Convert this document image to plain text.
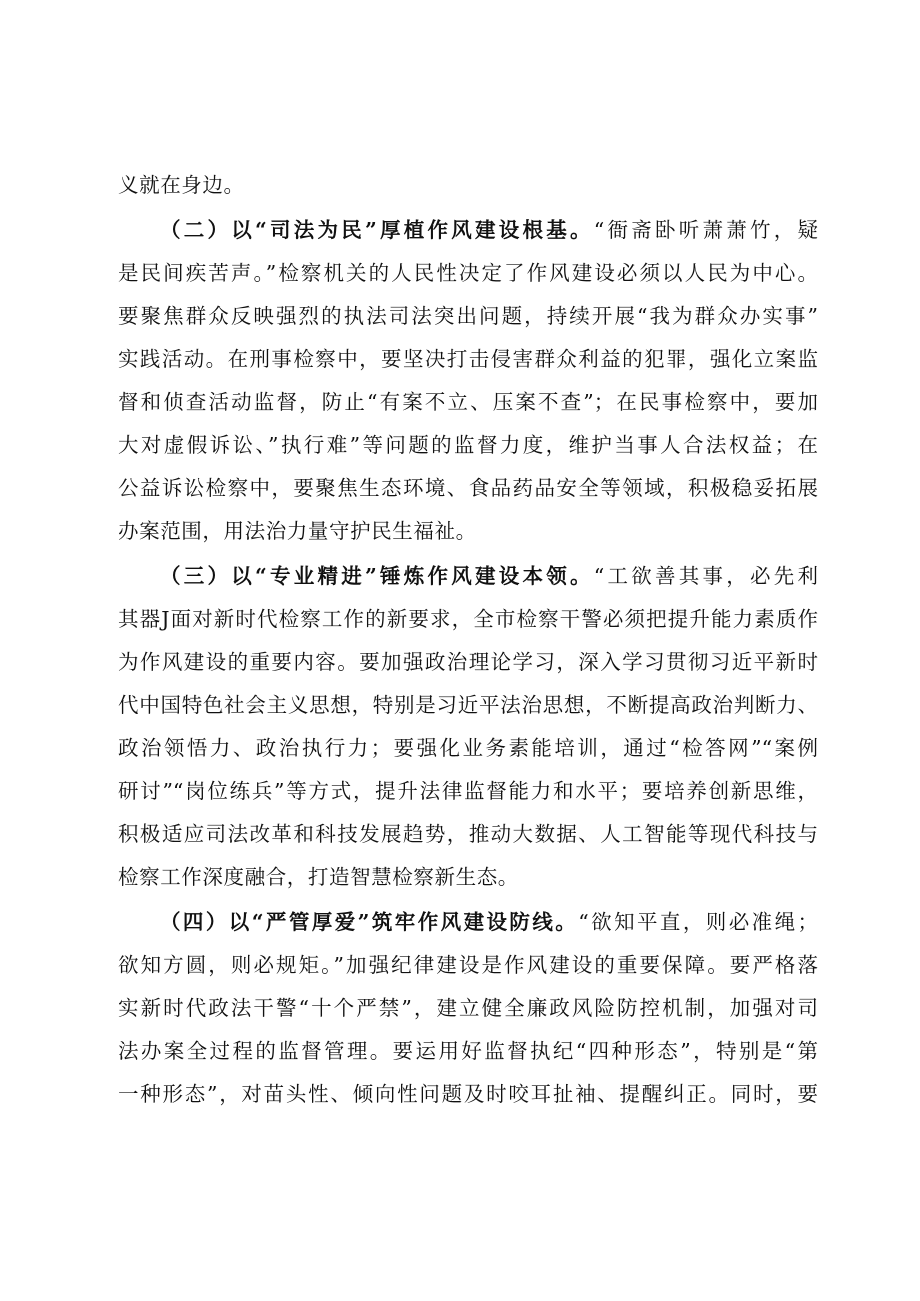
义就在身边。
（二）以“司法为民”厚植作风建设根基。“衙斋卧听萧萧竹，疑
是民间疾苦声。”检察机关的人民性决定了作风建设必须以人民为中心。
要聚焦群众反映强烈的执法司法突出问题，持续开展“我为群众办实事”
实践活动。在刑事检察中，要坚决打击侵害群众利益的犯罪，强化立案监
督和侦查活动监督，防止“有案不立、压案不查”；在民事检察中，要加
大对虚假诉讼、”执行难”等问题的监督力度，维护当事人合法权益；在
公益诉讼检察中，要聚焦生态环境、食品药品安全等领域，积极稳妥拓展
办案范围，用法治力量守护民生福祉。
（三）以“专业精进”锤炼作风建设本领。“工欲善其事，必先利
其器J面对新时代检察工作的新要求，全市检察干警必须把提升能力素质作
为作风建设的重要内容。要加强政治理论学习，深入学习贯彻习近平新时
代中国特色社会主义思想，特别是习近平法治思想，不断提高政治判断力、
政治领悟力、政治执行力；要强化业务素能培训，通过“检答网”“案例
研讨”“岗位练兵”等方式，提升法律监督能力和水平；要培养创新思维，
积极适应司法改革和科技发展趋势，推动大数据、人工智能等现代科技与
检察工作深度融合，打造智慧检察新生态。
（四）以“严管厚爱”筑牢作风建设防线。“欲知平直，则必准绳；
欲知方圆，则必规矩。”加强纪律建设是作风建设的重要保障。要严格落
实新时代政法干警“十个严禁”，建立健全廉政风险防控机制，加强对司
法办案全过程的监督管理。要运用好监督执纪“四种形态”，特别是“第
一种形态”，对苗头性、倾向性问题及时咬耳扯袖、提醒纠正。同时，要
